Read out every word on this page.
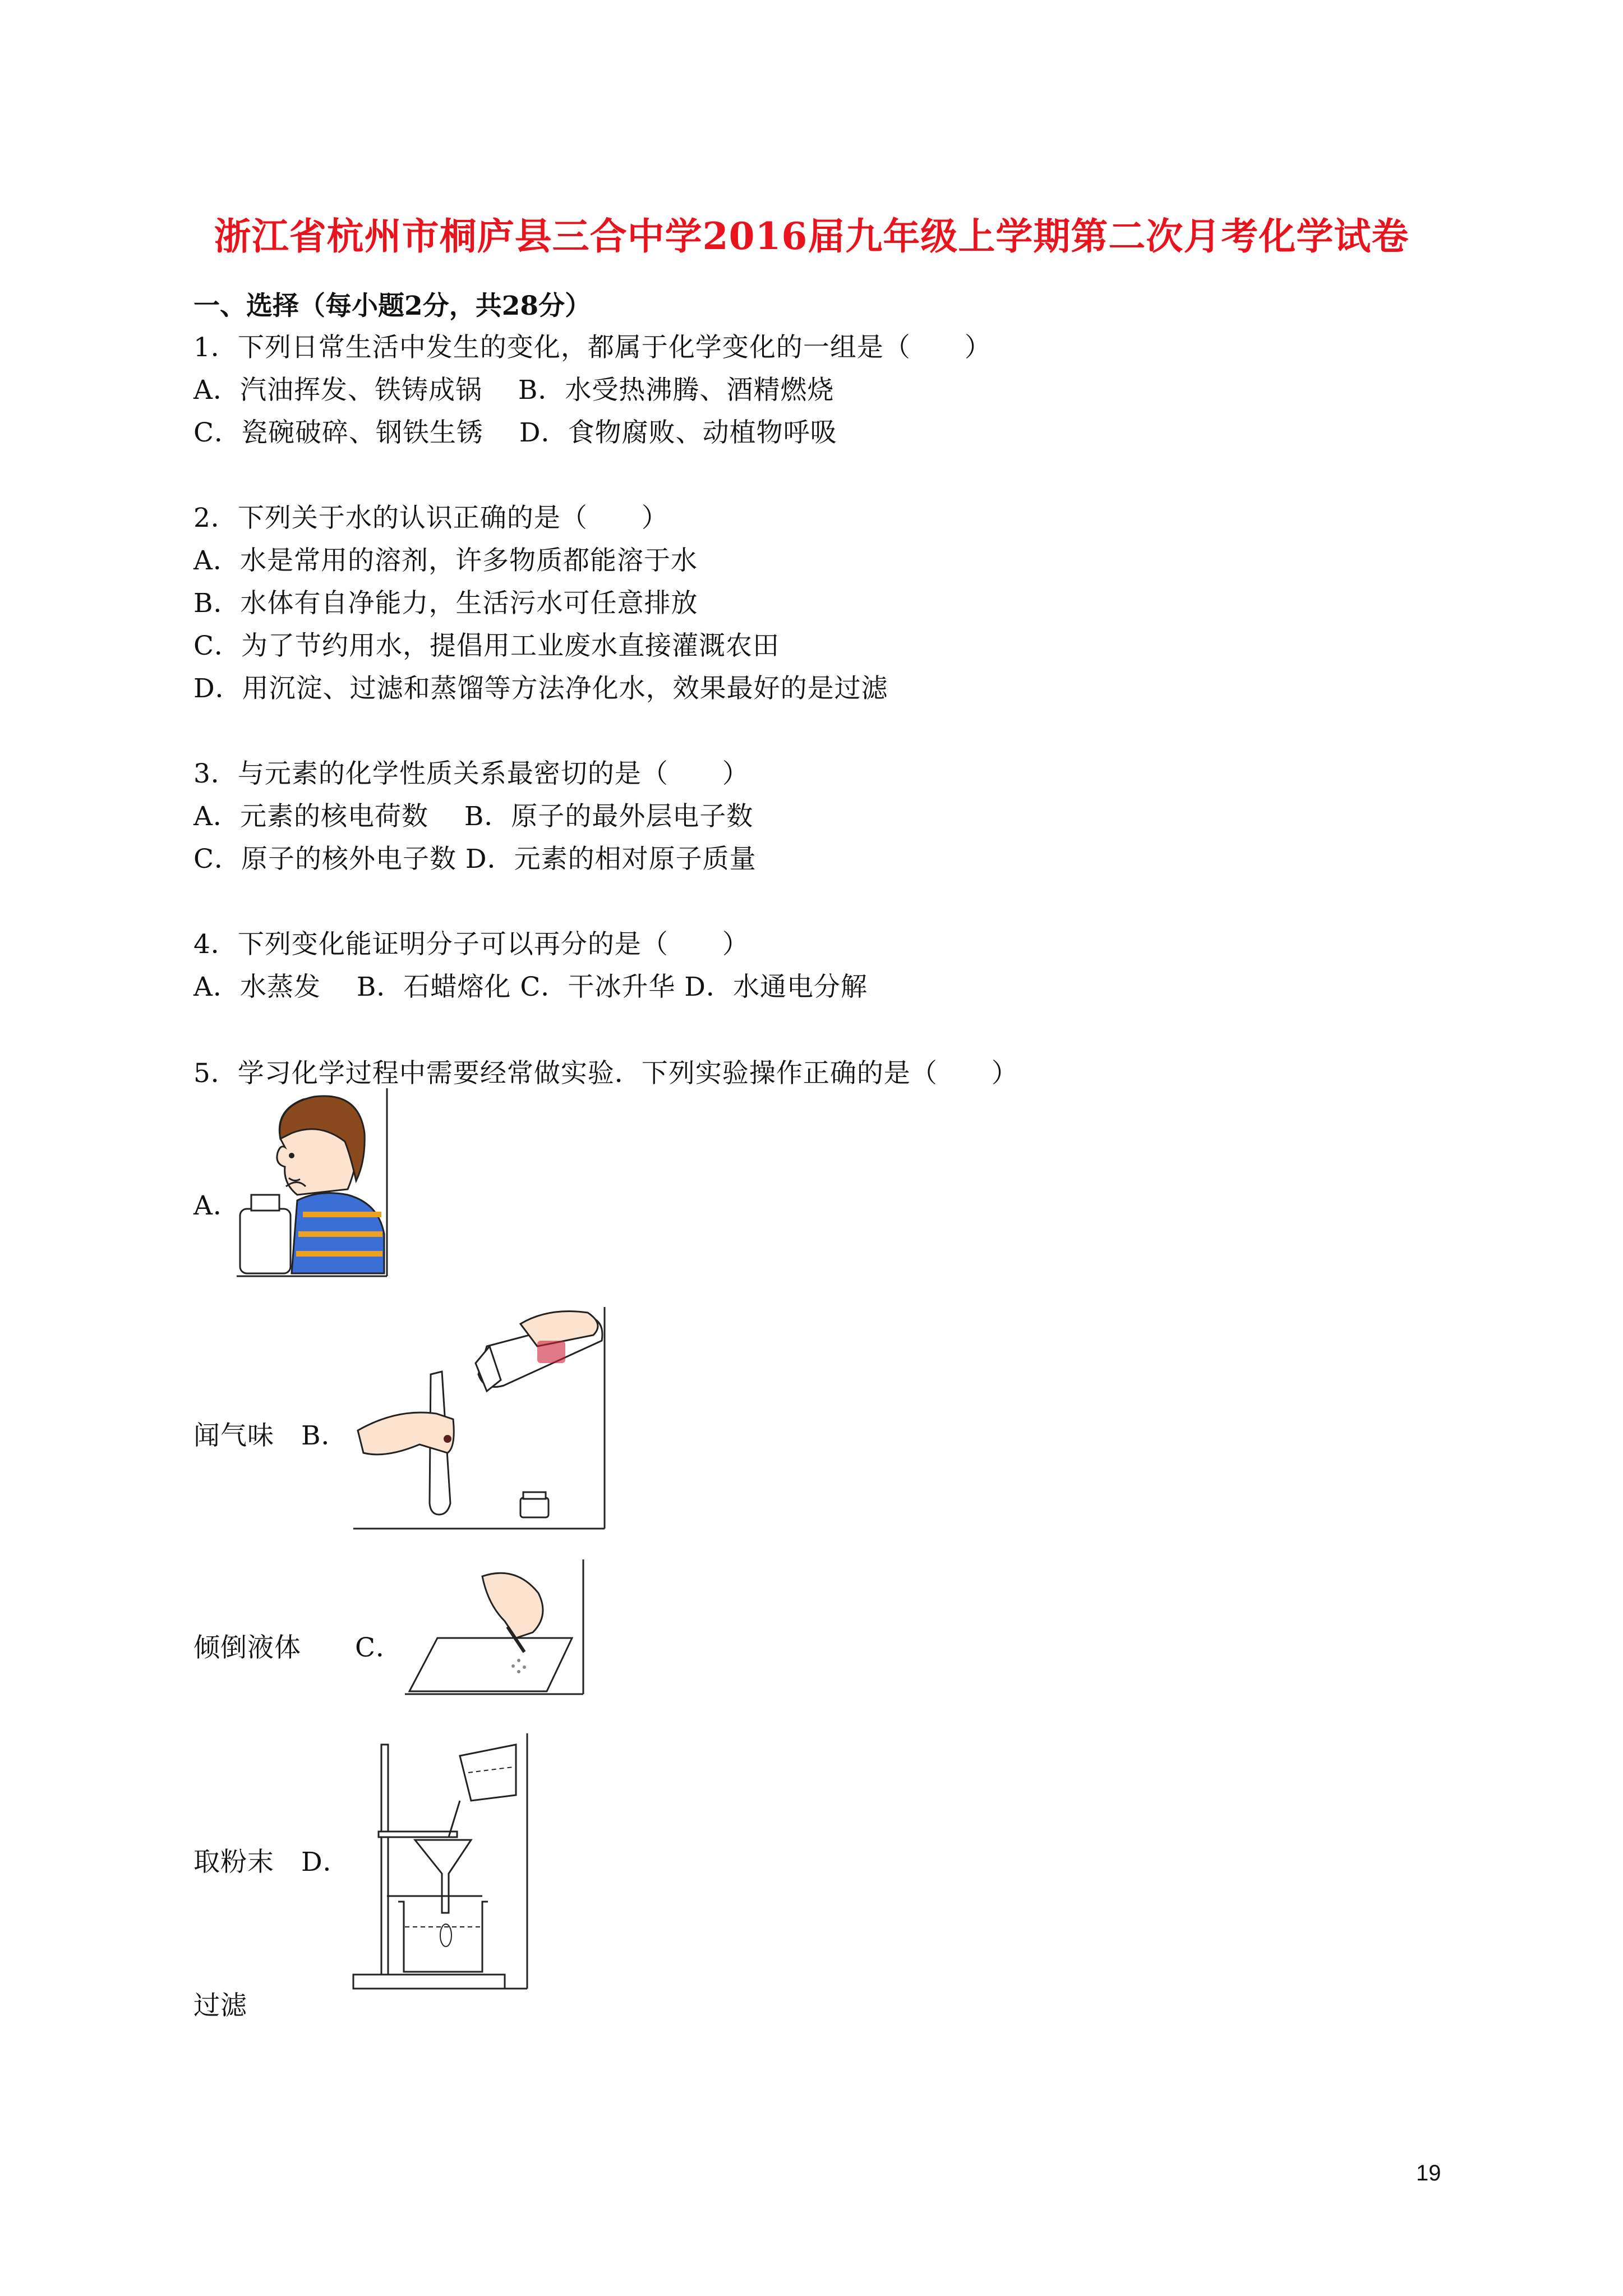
浙江省杭州市桐庐县三合中学2016届九年级上学期第二次月考化学试卷
一、选择（每小题2分，共28分）
1．下列日常生活中发生的变化，都属于化学变化的一组是（　　）
A．汽油挥发、铁铸成锅　 B．水受热沸腾、酒精燃烧
C．瓷碗破碎、钢铁生锈　 D．食物腐败、动植物呼吸
2．下列关于水的认识正确的是（　　）
A．水是常用的溶剂，许多物质都能溶于水
B．水体有自净能力，生活污水可任意排放
C．为了节约用水，提倡用工业废水直接灌溉农田
D．用沉淀、过滤和蒸馏等方法净化水，效果最好的是过滤
3．与元素的化学性质关系最密切的是（　　）
A．元素的核电荷数　 B．原子的最外层电子数
C．原子的核外电子数 D．元素的相对原子质量
4．下列变化能证明分子可以再分的是（　　）
A．水蒸发　 B．石蜡熔化 C．干冰升华 D．水通电分解
5．学习化学过程中需要经常做实验．下列实验操作正确的是（　　）
A．
闻气味　B．
倾倒液体　　C．
取粉末　D．
过滤
19
